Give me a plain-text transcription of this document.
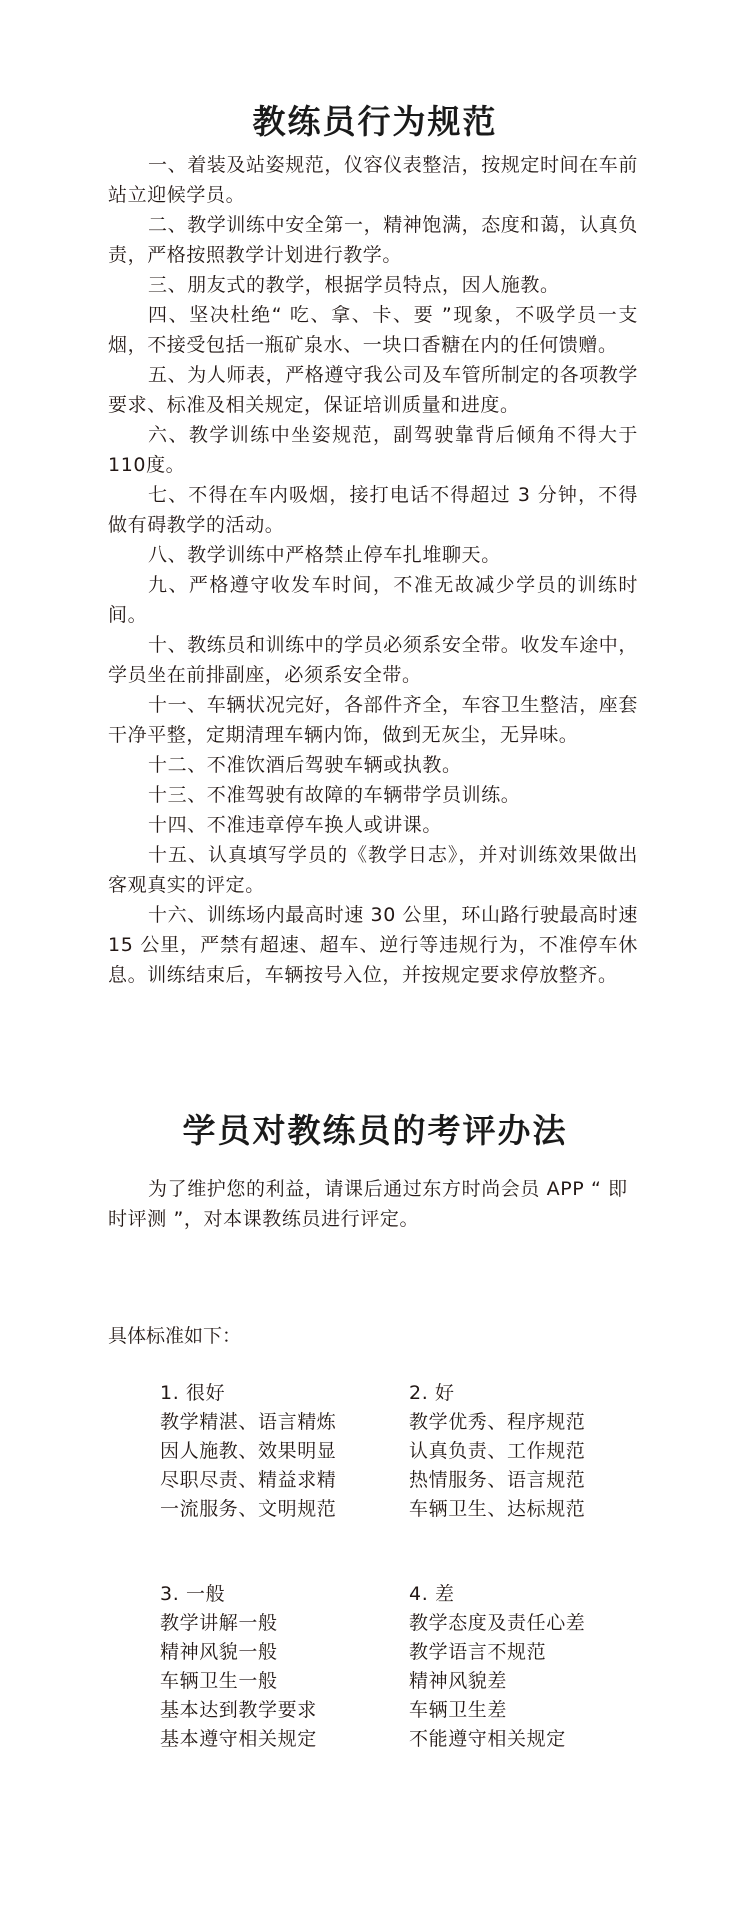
教练员行为规范

一、着装及站姿规范，仪容仪表整洁，按规定时间在车前站立迎候学员。

二、教学训练中安全第一，精神饱满，态度和蔼，认真负责，严格按照教学计划进行教学。

三、朋友式的教学，根据学员特点，因人施教。

四、坚决杜绝“ 吃、拿、卡、要 ”现象，不吸学员一支烟，不接受包括一瓶矿泉水、一块口香糖在内的任何馈赠。

五、为人师表，严格遵守我公司及车管所制定的各项教学要求、标准及相关规定，保证培训质量和进度。

六、教学训练中坐姿规范，副驾驶靠背后倾角不得大于110度。

七、不得在车内吸烟，接打电话不得超过 3 分钟，不得做有碍教学的活动。

八、教学训练中严格禁止停车扎堆聊天。

九、严格遵守收发车时间，不准无故减少学员的训练时间。

十、教练员和训练中的学员必须系安全带。收发车途中，学员坐在前排副座，必须系安全带。

十一、车辆状况完好，各部件齐全，车容卫生整洁，座套干净平整，定期清理车辆内饰，做到无灰尘，无异味。

十二、不准饮酒后驾驶车辆或执教。

十三、不准驾驶有故障的车辆带学员训练。

十四、不准违章停车换人或讲课。

十五、认真填写学员的《教学日志》，并对训练效果做出客观真实的评定。

十六、训练场内最高时速 30 公里，环山路行驶最高时速 15 公里，严禁有超速、超车、逆行等违规行为，不准停车休息。训练结束后，车辆按号入位，并按规定要求停放整齐。

学员对教练员的考评办法

为了维护您的利益，请课后通过东方时尚会员 APP “ 即时评测 ”，对本课教练员进行评定。

具体标准如下：

1. 很好

教学精湛、语言精炼

因人施教、效果明显

尽职尽责、精益求精

一流服务、文明规范

2. 好

教学优秀、程序规范

认真负责、工作规范

热情服务、语言规范

车辆卫生、达标规范

3. 一般

教学讲解一般

精神风貌一般

车辆卫生一般

基本达到教学要求

基本遵守相关规定

4. 差

教学态度及责任心差

教学语言不规范

精神风貌差

车辆卫生差

不能遵守相关规定
